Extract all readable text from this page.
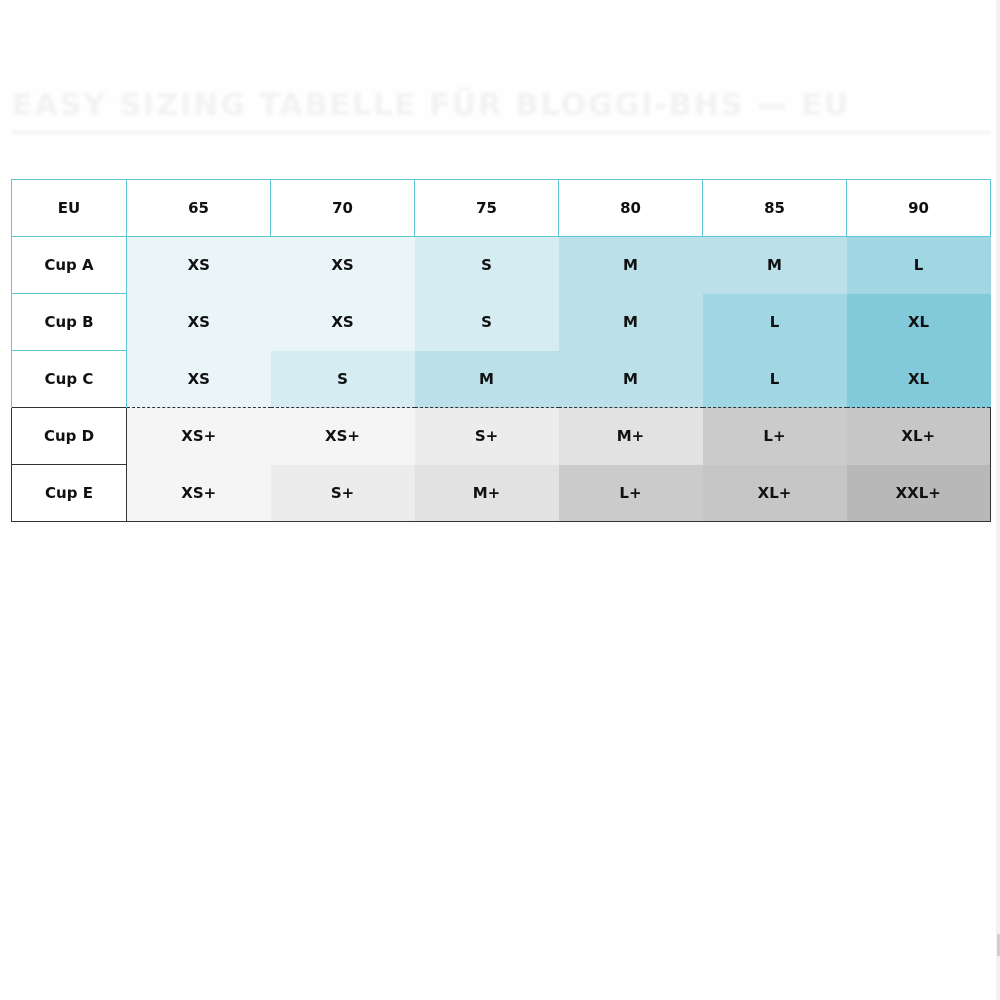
EASY SIZING TABELLE FÜR BLOGGI-BHS — EU
EU	65	70	75	80	85	90
Cup A	XS	XS	S	M	M	L
Cup B	XS	XS	S	M	L	XL
Cup C	XS	S	M	M	L	XL
Cup D	XS+	XS+	S+	M+	L+	XL+
Cup E	XS+	S+	M+	L+	XL+	XXL+
